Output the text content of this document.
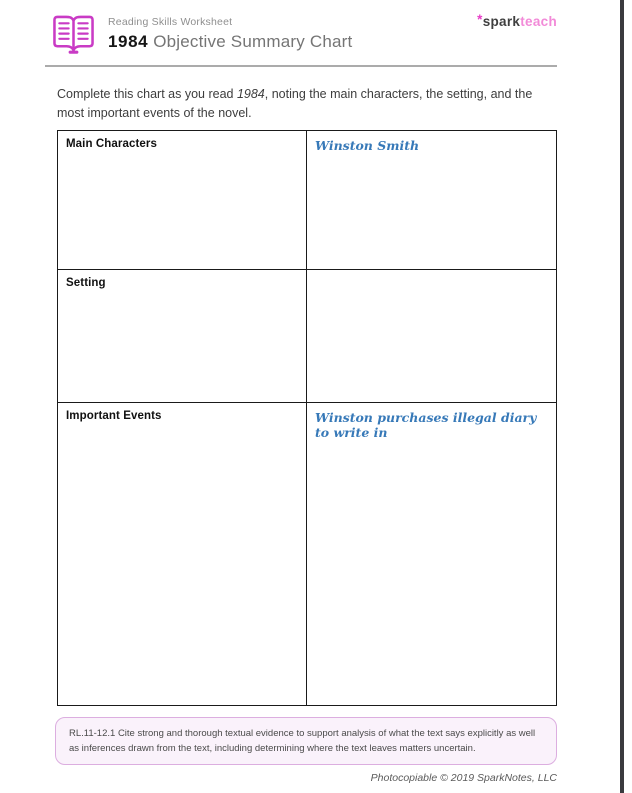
Reading Skills Worksheet
1984 Objective Summary Chart
*sparkteach

Complete this chart as you read 1984, noting the main characters, the setting, and the most important events of the novel.

Main Characters	Winston Smith
Setting
Important Events	Winston purchases illegal diary to write in
RL.11-12.1 Cite strong and thorough textual evidence to support analysis of what the text says explicitly as well as inferences drawn from the text, including determining where the text leaves matters uncertain.
Photocopiable © 2019 SparkNotes, LLC
